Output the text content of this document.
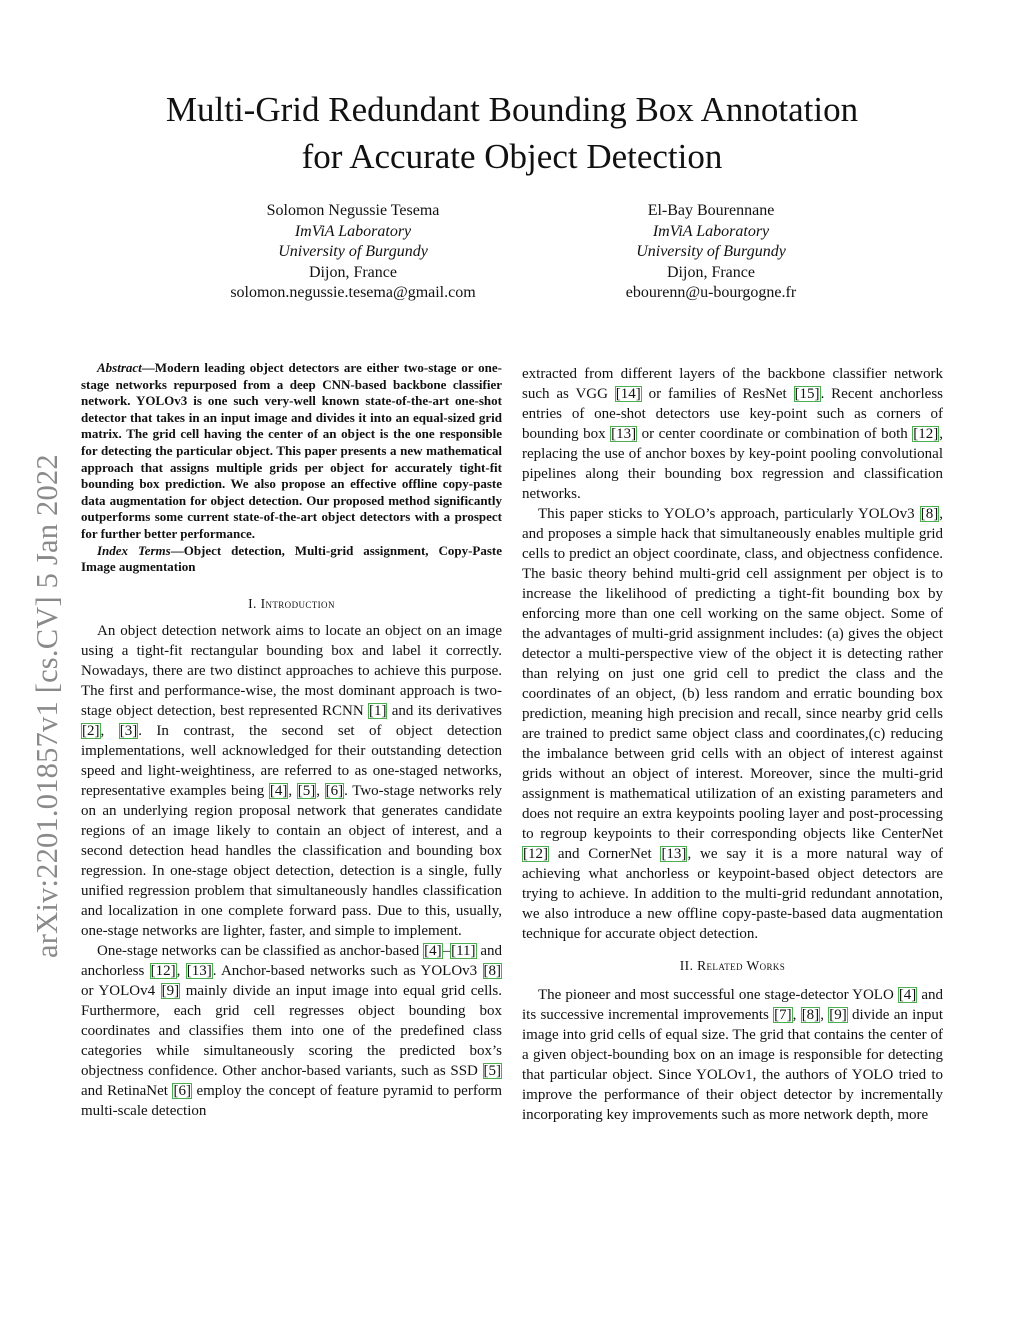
Multi-Grid Redundant Bounding Box Annotation
for Accurate Object Detection
Solomon Negussie Tesema
ImViA Laboratory
University of Burgundy
Dijon, France
solomon.negussie.tesema@gmail.com
El-Bay Bourennane
ImViA Laboratory
University of Burgundy
Dijon, France
ebourenn@u-bourgogne.fr
arXiv:2201.01857v1 [cs.CV] 5 Jan 2022

Abstract—Modern leading object detectors are either two-stage or one-stage networks repurposed from a deep CNN-based backbone classifier network. YOLOv3 is one such very-well known state-of-the-art one-shot detector that takes in an input image and divides it into an equal-sized grid matrix. The grid cell having the center of an object is the one responsible for detecting the particular object. This paper presents a new mathematical approach that assigns multiple grids per object for accurately tight-fit bounding box prediction. We also propose an effective offline copy-paste data augmentation for object detection. Our proposed method significantly outperforms some current state-of-the-art object detectors with a prospect for further better performance.

Index Terms—Object detection, Multi-grid assignment, Copy-Paste Image augmentation

I. Introduction

An object detection network aims to locate an object on an image using a tight-fit rectangular bounding box and label it correctly. Nowadays, there are two distinct approaches to achieve this purpose. The first and performance-wise, the most dominant approach is two-stage object detection, best represented RCNN [1] and its derivatives [2], [3]. In contrast, the second set of object detection implementations, well acknowledged for their outstanding detection speed and light-weightiness, are referred to as one-staged networks, representative examples being [4], [5], [6]. Two-stage networks rely on an underlying region proposal network that generates candidate regions of an image likely to contain an object of interest, and a second detection head handles the classification and bounding box regression. In one-stage object detection, detection is a single, fully unified regression problem that simultaneously handles classification and localization in one complete forward pass. Due to this, usually, one-stage networks are lighter, faster, and simple to implement.

One-stage networks can be classified as anchor-based [4]–[11] and anchorless [12], [13]. Anchor-based networks such as YOLOv3 [8] or YOLOv4 [9] mainly divide an input image into equal grid cells. Furthermore, each grid cell regresses object bounding box coordinates and classifies them into one of the predefined class categories while simultaneously scoring the predicted box’s objectness confidence. Other anchor-based variants, such as SSD [5] and RetinaNet [6] employ the concept of feature pyramid to perform multi-scale detection

extracted from different layers of the backbone classifier network such as VGG [14] or families of ResNet [15]. Recent anchorless entries of one-shot detectors use key-point such as corners of bounding box [13] or center coordinate or combination of both [12], replacing the use of anchor boxes by key-point pooling convolutional pipelines along their bounding box regression and classification networks.

This paper sticks to YOLO’s approach, particularly YOLOv3 [8], and proposes a simple hack that simultaneously enables multiple grid cells to predict an object coordinate, class, and objectness confidence. The basic theory behind multi-grid cell assignment per object is to increase the likelihood of predicting a tight-fit bounding box by enforcing more than one cell working on the same object. Some of the advantages of multi-grid assignment includes: (a) gives the object detector a multi-perspective view of the object it is detecting rather than relying on just one grid cell to predict the class and the coordinates of an object, (b) less random and erratic bounding box prediction, meaning high precision and recall, since nearby grid cells are trained to predict same object class and coordinates,(c) reducing the imbalance between grid cells with an object of interest against grids without an object of interest. Moreover, since the multi-grid assignment is mathematical utilization of an existing parameters and does not require an extra keypoints pooling layer and post-processing to regroup keypoints to their corresponding objects like CenterNet [12] and CornerNet [13], we say it is a more natural way of achieving what anchorless or keypoint-based object detectors are trying to achieve. In addition to the multi-grid redundant annotation, we also introduce a new offline copy-paste-based data augmentation technique for accurate object detection.

II. Related Works

The pioneer and most successful one stage-detector YOLO [4] and its successive incremental improvements [7], [8], [9] divide an input image into grid cells of equal size. The grid that contains the center of a given object-bounding box on an image is responsible for detecting that particular object. Since YOLOv1, the authors of YOLO tried to improve the performance of their object detector by incrementally incorporating key improvements such as more network depth, more
